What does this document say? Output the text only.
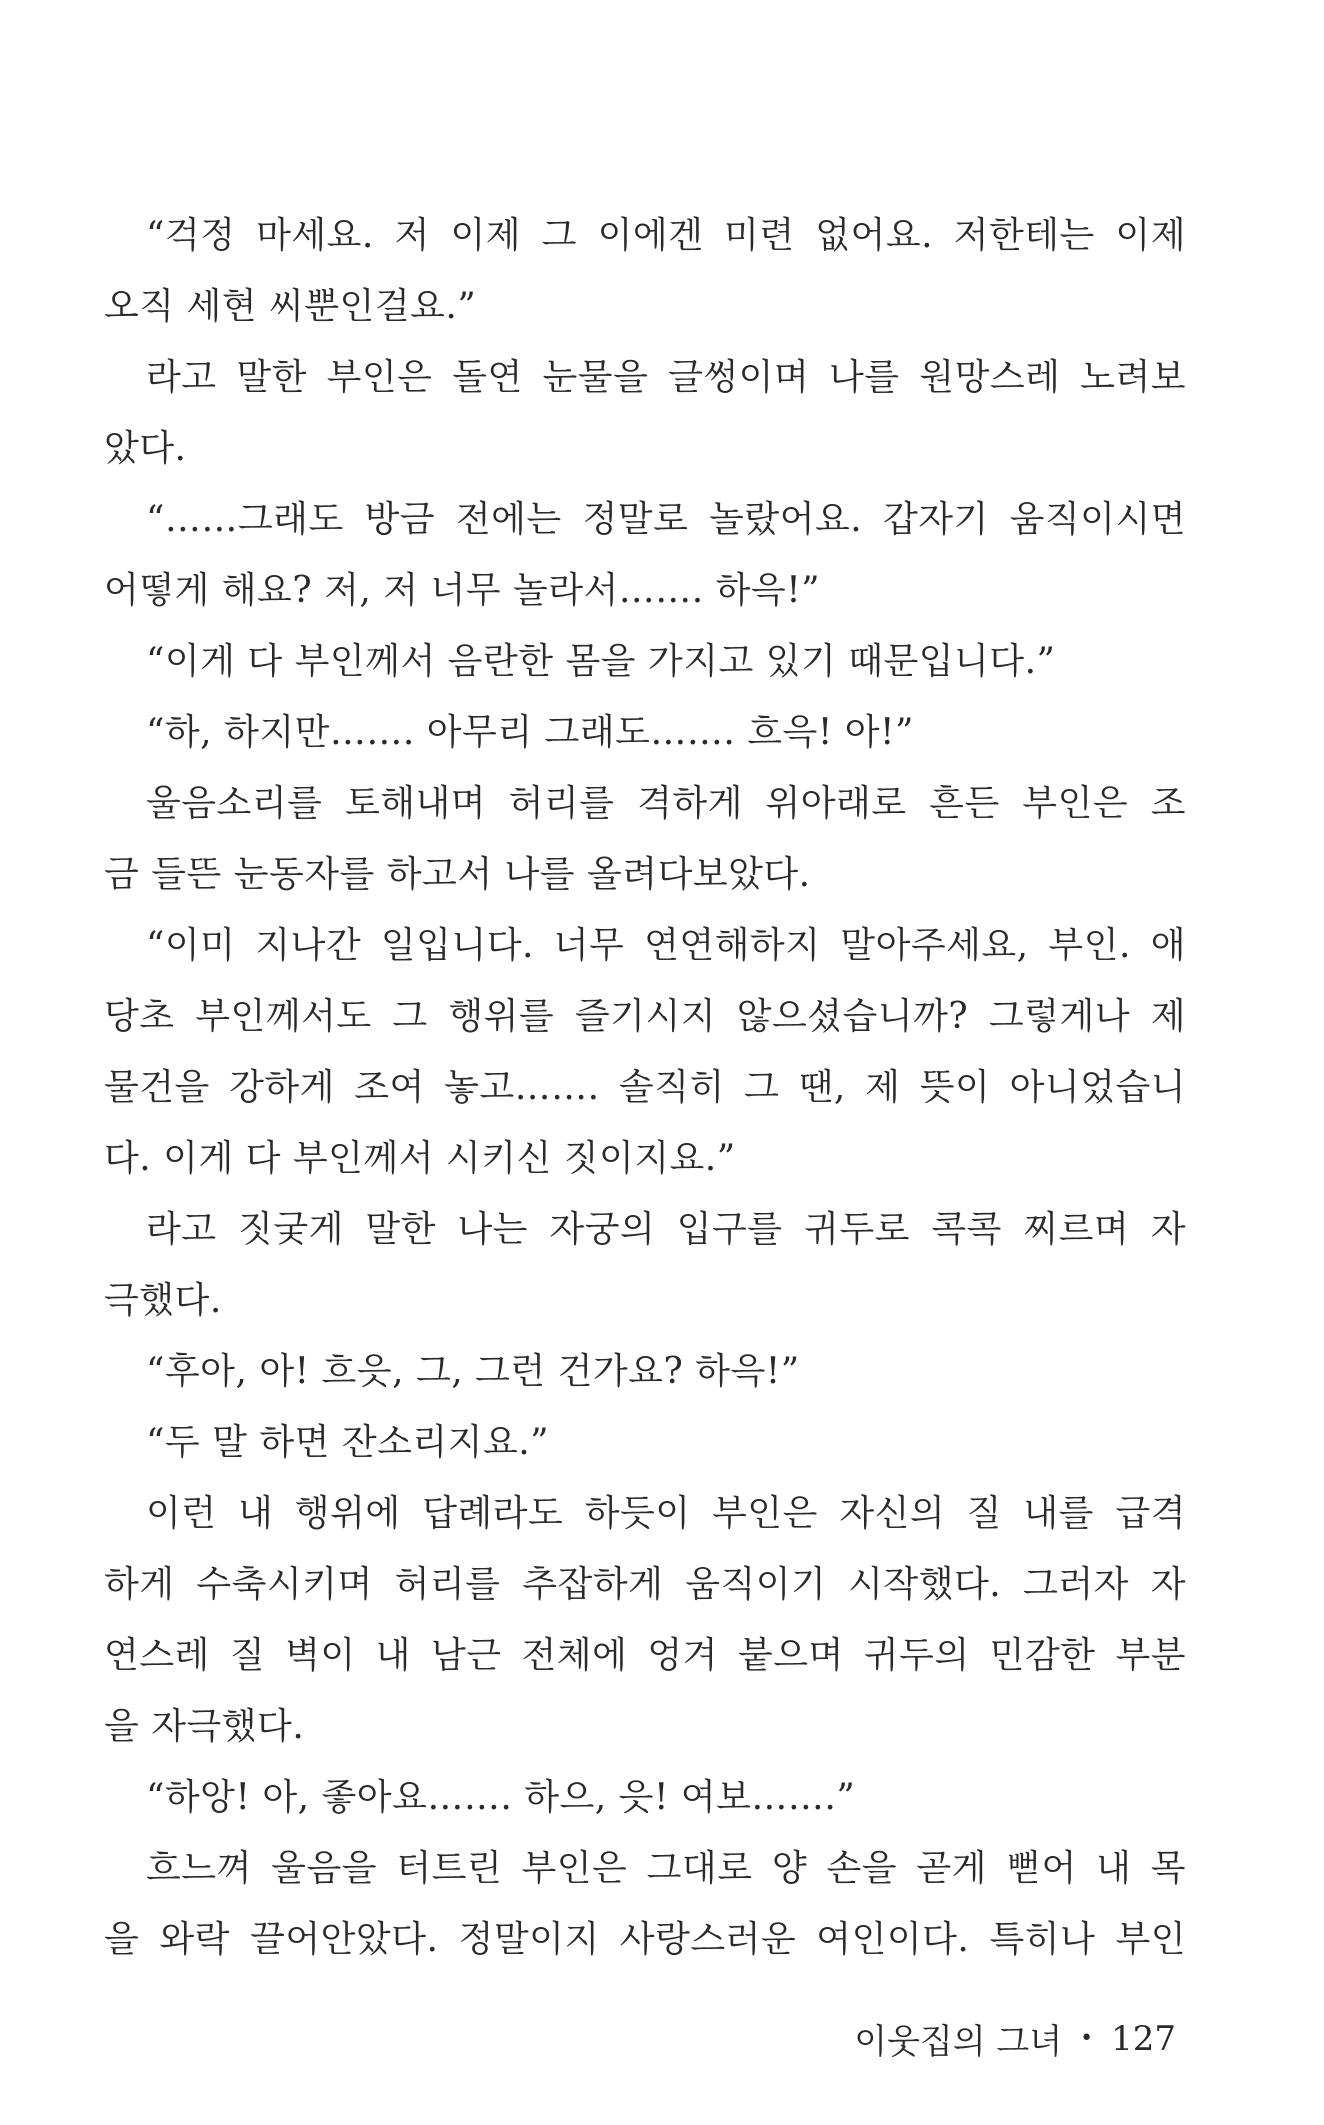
“걱정 마세요. 저 이제 그 이에겐 미련 없어요. 저한테는 이제
오직 세현 씨뿐인걸요.”
라고 말한 부인은 돌연 눈물을 글썽이며 나를 원망스레 노려보
았다.
“……그래도 방금 전에는 정말로 놀랐어요. 갑자기 움직이시면
어떻게 해요? 저, 저 너무 놀라서……. 하윽!”
“이게 다 부인께서 음란한 몸을 가지고 있기 때문입니다.”
“하, 하지만……. 아무리 그래도……. 흐윽! 아!”
울음소리를 토해내며 허리를 격하게 위아래로 흔든 부인은 조
금 들뜬 눈동자를 하고서 나를 올려다보았다.
“이미 지나간 일입니다. 너무 연연해하지 말아주세요, 부인. 애
당초 부인께서도 그 행위를 즐기시지 않으셨습니까? 그렇게나 제
물건을 강하게 조여 놓고……. 솔직히 그 땐, 제 뜻이 아니었습니
다. 이게 다 부인께서 시키신 짓이지요.”
라고 짓궂게 말한 나는 자궁의 입구를 귀두로 콕콕 찌르며 자
극했다.
“후아, 아! 흐읏, 그, 그런 건가요? 하윽!”
“두 말 하면 잔소리지요.”
이런 내 행위에 답례라도 하듯이 부인은 자신의 질 내를 급격
하게 수축시키며 허리를 추잡하게 움직이기 시작했다. 그러자 자
연스레 질 벽이 내 남근 전체에 엉겨 붙으며 귀두의 민감한 부분
을 자극했다.
“하앙! 아, 좋아요……. 하으, 읏! 여보…….”
흐느껴 울음을 터트린 부인은 그대로 양 손을 곧게 뻗어 내 목
을 와락 끌어안았다. 정말이지 사랑스러운 여인이다. 특히나 부인
이웃집의 그녀 • 127
